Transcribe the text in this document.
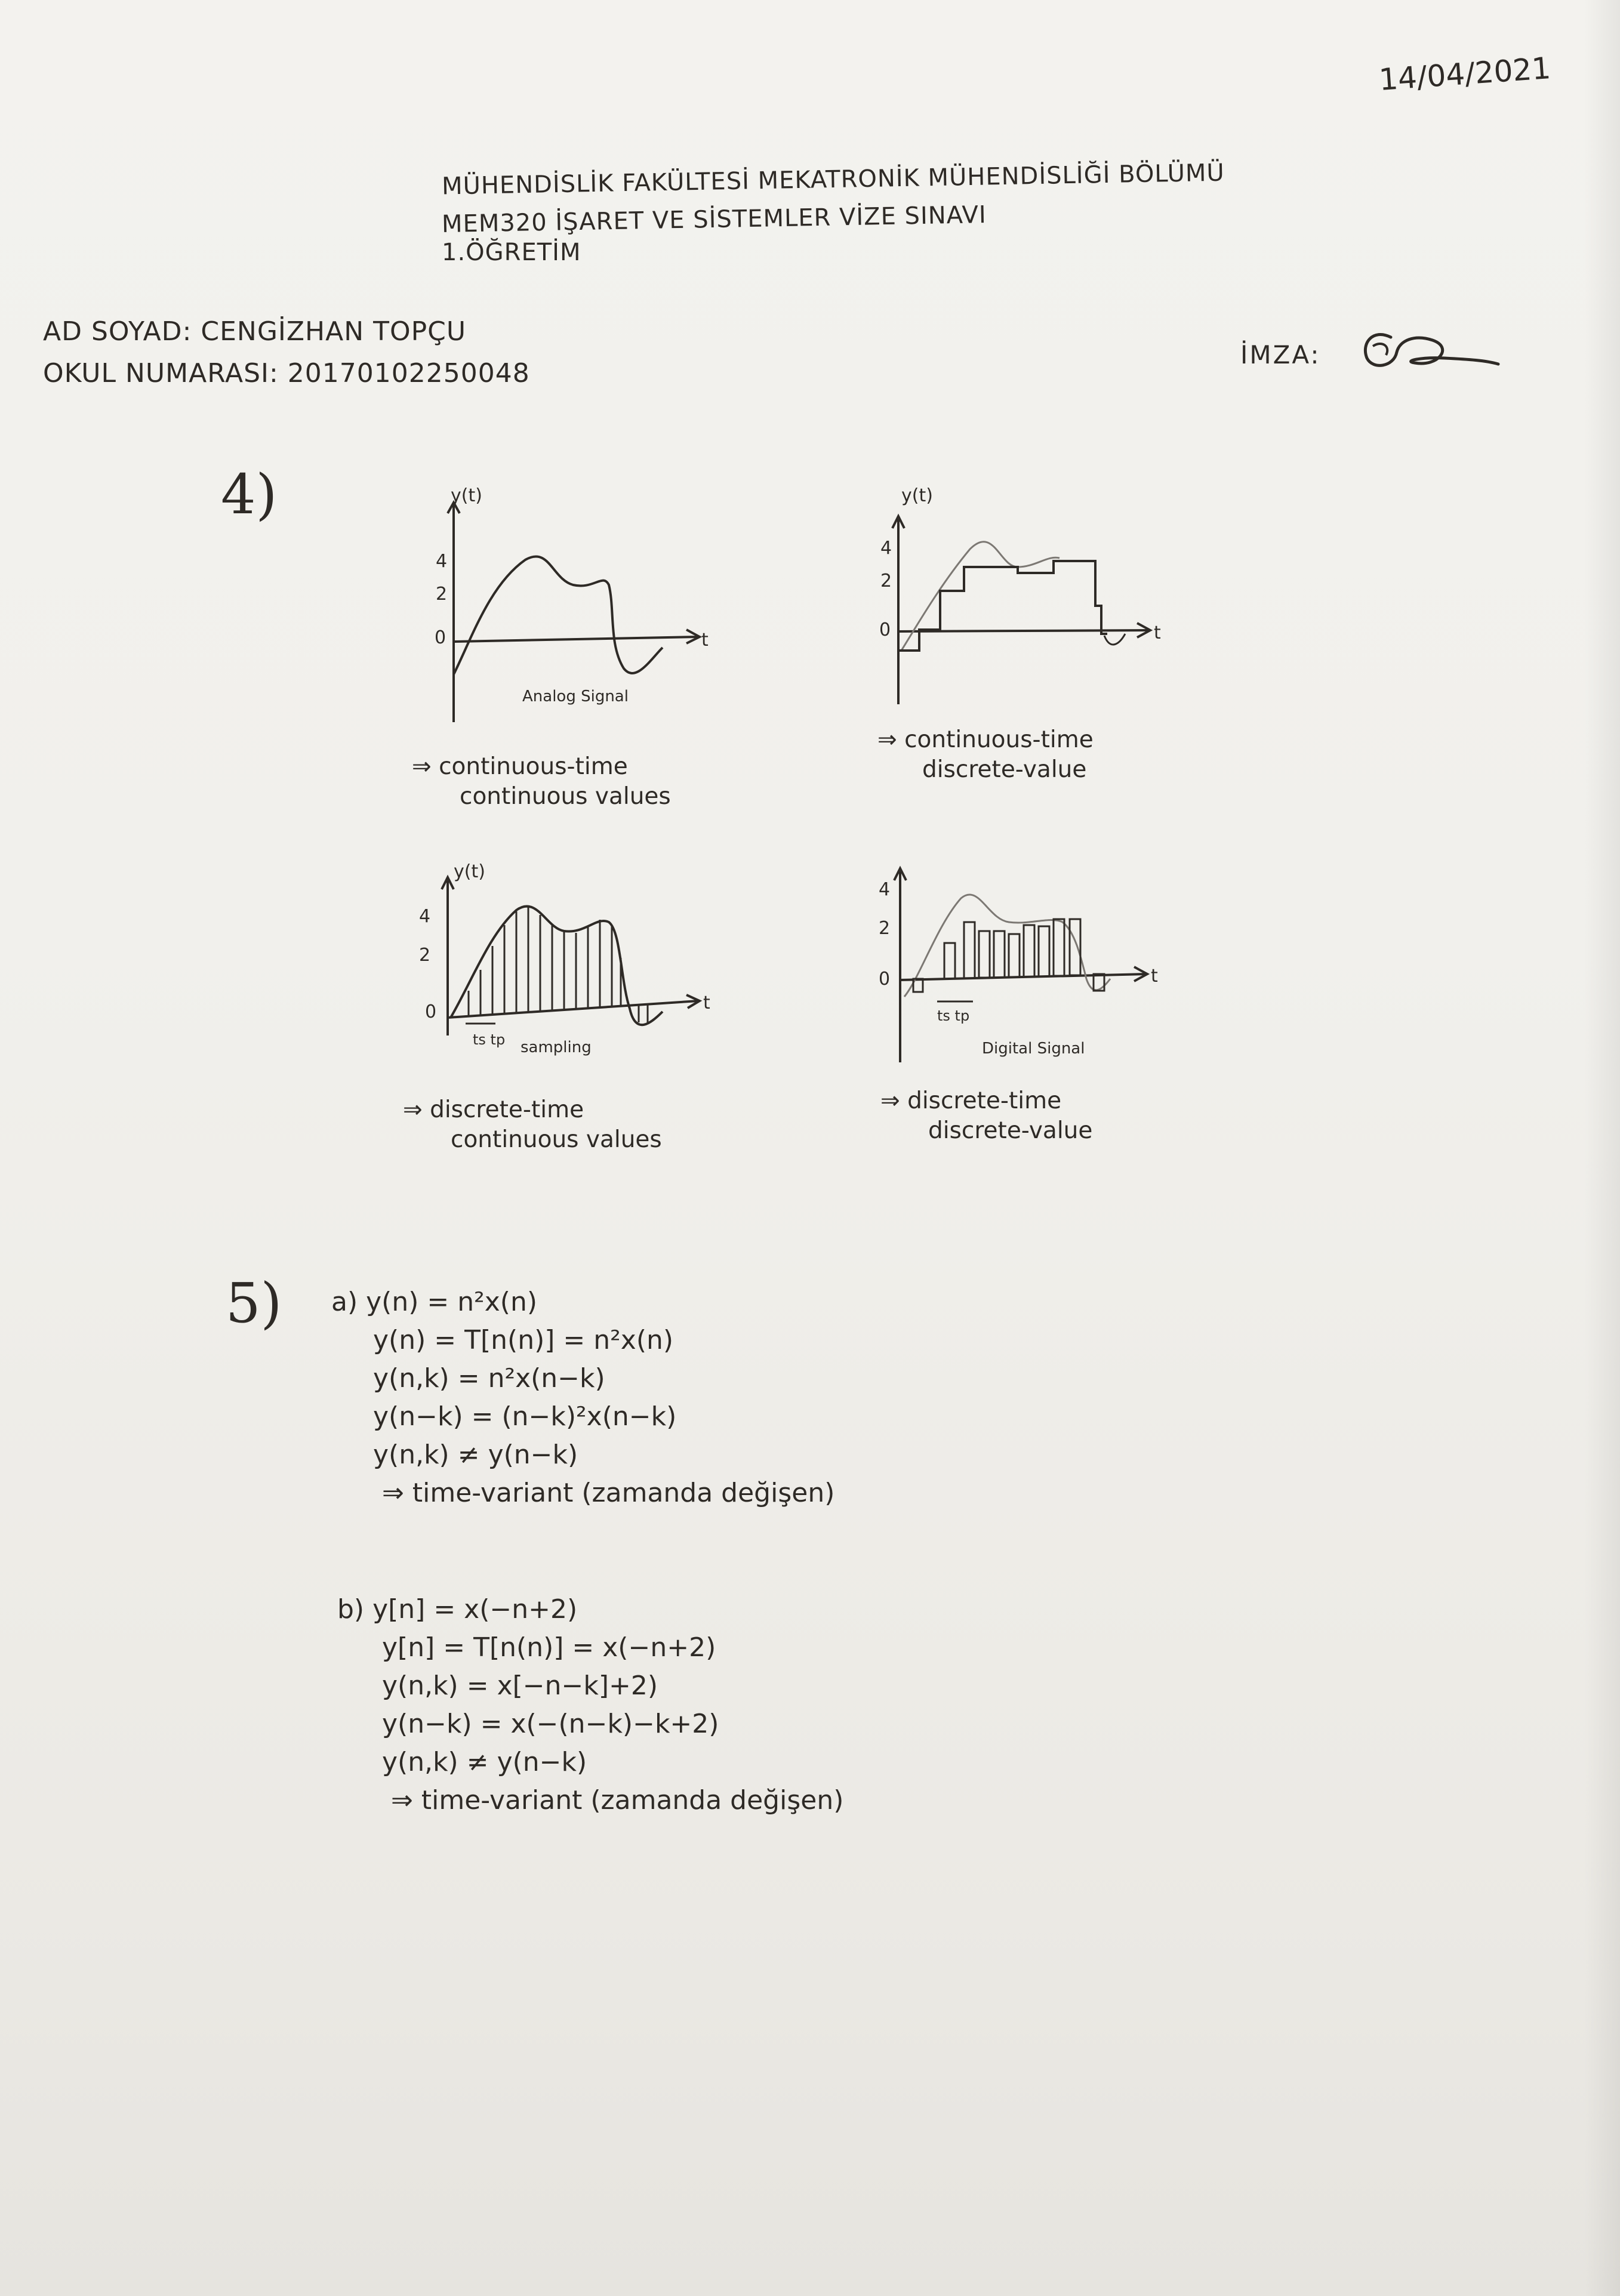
14/04/2021
MÜHENDİSLİK FAKÜLTESİ MEKATRONİK MÜHENDİSLİĞİ BÖLÜMÜ
MEM320 İŞARET VE SİSTEMLER VİZE SINAVI
1.ÖĞRETİM
AD SOYAD: CENGİZHAN TOPÇU
OKUL NUMARASI: 20170102250048
İMZA:
4)
4
2
0
y(t)
t
Analog Signal
⇒ continuous-time
continuous values
4
2
0
y(t)
t
⇒ continuous-time
discrete-value
4
2
0
y(t)
t
ts tp sampling
⇒ discrete-time
continuous values
4
2
0	t
ts tp
Digital Signal
⇒ discrete-time
discrete-value
5) a) y(n) = n²x(n)
y(n) = T[n(n)] = n²x(n)
y(n,k) = n²x(n−k)
y(n−k) = (n−k)²x(n−k)
y(n,k) ≠ y(n−k)
⇒ time-variant (zamanda değişen)
b) y[n] = x(−n+2)
y[n] = T[n(n)] = x(−n+2)
y(n,k) = x[−n−k]+2)
y(n−k) = x(−(n−k)−k+2)
y(n,k) ≠ y(n−k)
⇒ time-variant (zamanda değişen)
